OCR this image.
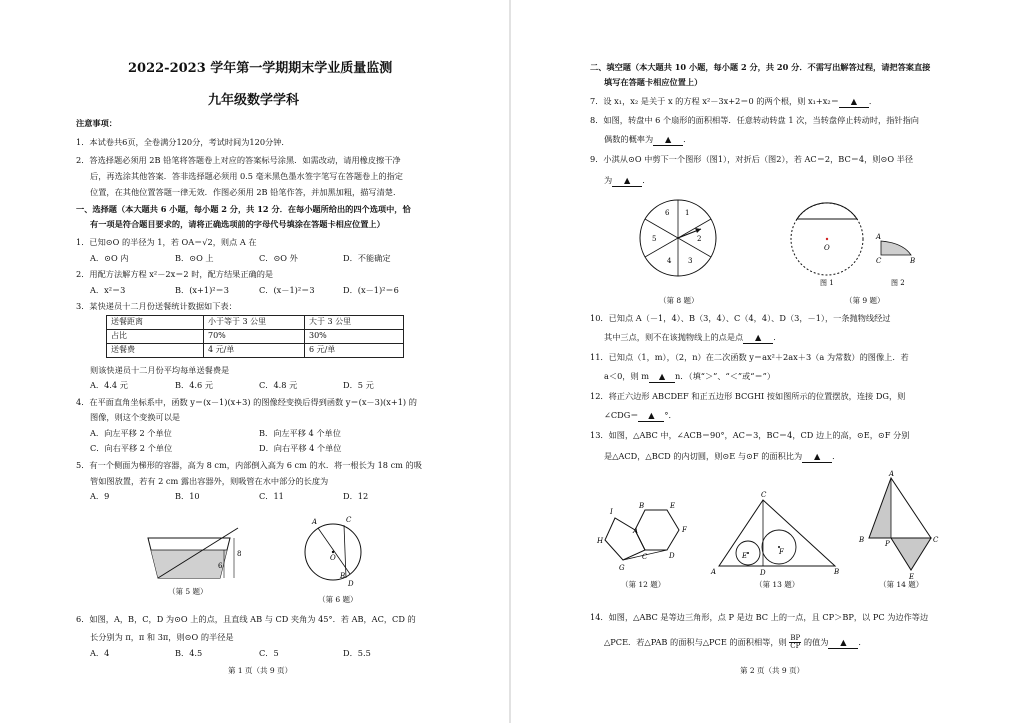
2022-2023 学年第一学期期末学业质量监测
九年级数学学科
注意事项：
1．本试卷共6页，全卷满分120分，考试时间为120分钟．
2．答选择题必须用 2B 铅笔将答题卷上对应的答案标号涂黑．如需改动，请用橡皮擦干净
后，再选涂其他答案．答非选择题必须用 0.5 毫米黑色墨水签字笔写在答题卷上的指定
位置，在其他位置答题一律无效．作图必须用 2B 铅笔作答，并加黑加粗，描写清楚．
一、选择题（本大题共 6 小题，每小题 2 分，共 12 分．在每小题所给出的四个选项中，恰
有一项是符合题目要求的，请将正确选项前的字母代号填涂在答题卡相应位置上）
1．已知⊙O 的半径为 1，若 OA＝√2，则点 A 在
A．⊙O 内	B．⊙O 上	C．⊙O 外	D．不能确定
2．用配方法解方程 x²－2x＝2 时，配方结果正确的是
A．x²＝3	B．(x+1)²＝3	C．(x－1)²＝3	D．(x－1)²＝6
3．某快递员十二月份送餐统计数据如下表：
送餐距离	小于等于 3 公里	大于 3 公里
占比	70%	30%
送餐费	4 元/单	6 元/单
则该快递员十二月份平均每单送餐费是
A．4.4 元	B．4.6 元	C．4.8 元	D．5 元
4．在平面直角坐标系中，函数 y＝(x－1)(x+3) 的图像经变换后得到函数 y＝(x－3)(x+1) 的
图像，则这个变换可以是
A．向左平移 2 个单位	B．向左平移 4 个单位
C．向右平移 2 个单位	D．向右平移 4 个单位
5．有一个侧面为梯形的容器，高为 8 cm，内部倒入高为 6 cm 的水．将一根长为 18 cm 的吸
管如图放置，若有 2 cm 露出容器外，则吸管在水中部分的长度为
A．9	B．10	C．11	D．12
8
6
（第 5 题）
A
B
C
O
D
（第 6 题）
6．如图，A，B，C，D 为⊙O 上的点，且直线 AB 与 CD 夹角为 45°．若 AB，AC，CD 的
长分别为 π，π 和 3π，则⊙O 的半径是
A．4	B．4.5	C．5	D．5.5
第 1 页（共 9 页）
二、填空题（本大题共 10 小题，每小题 2 分，共 20 分．不需写出解答过程，请把答案直接
填写在答题卡相应位置上）
7．设 x₁，x₂ 是关于 x 的方程 x²－3x+2＝0 的两个根，则 x₁+x₂＝ ▲ ．
8．如图，转盘中 6 个扇形的面积相等．任意转动转盘 1 次，当转盘停止转动时，指针指向
偶数的概率为 ▲ ．
9．小淇从⊙O 中剪下一个图形（图1），对折后（图2），若 AC＝2，BC＝4，则⊙O 半径
为 ▲ ．
1
2
3
4
5
6
（第 8 题）
O
A
C	B
图 1	图 2
（第 9 题）
10．已知点 A（－1，4）、B（3，4）、C（4，4）、D（3，－1），一条抛物线经过
其中三点，则不在该抛物线上的点是点 ▲ ．
11．已知点（1，m），（2，n）在二次函数 y＝ax²＋2ax＋3（a 为常数）的图像上．若
a＜0，则 m ▲ n．（填“＞”、“＜”或“＝”）
12．将正六边形 ABCDEF 和正五边形 BCGHI 按如图所示的位置摆放，连接 DG，则
∠CDG＝ ▲ °．
13．如图，△ABC 中，∠ACB＝90°，AC＝3，BC＝4，CD 边上的高，⊙E，⊙F 分别
是△ACD，△BCD 的内切圆，则⊙E 与⊙F 的面积比为 ▲ ．
I
B	E
H
F
G
A
D
C
（第 12 题）
C
E	F
A	D	B
（第 13 题）
A
B	P	C
E
（第 14 题）
14．如图，△ABC 是等边三角形，点 P 是边 BC 上的一点，且 CP＞BP，以 PC 为边作等边
△PCE．若△PAB 的面积与△PCE 的面积相等，则 $\frac{BP}{CP}$ 的值为 ▲ ．
第 2 页（共 9 页）
